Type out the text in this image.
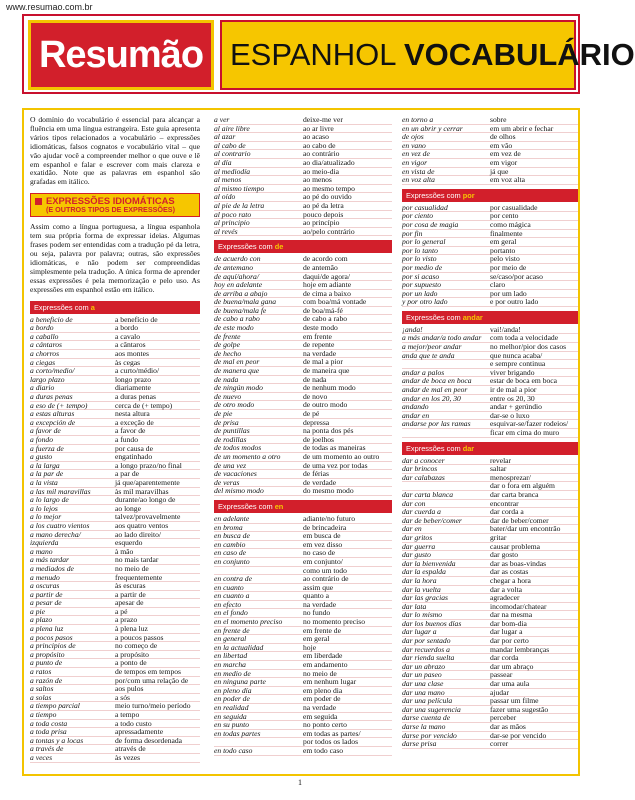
www.resumao.com.br
Resumão ESPANHOL VOCABULÁRIO

O domínio do vocabulário é essencial para alcançar a fluência em uma língua estrangeira. Este guia apresenta vários tipos relacionados a vocabulário – expressões idiomáticas, falsos cognatos e vocabulário vital – que vão ajudar você a compreender melhor o que ouve e lê em espanhol e falar e escrever com mais clareza e exatidão. Note que as palavras em espanhol são grafadas em itálico.

EXPRESSÕES IDIOMÁTICAS
(E OUTROS TIPOS DE EXPRESSÕES)

Assim como a língua portuguesa, a língua espanhola tem sua própria forma de expressar ideias. Algumas frases podem ser entendidas com a tradução pé da letra, ou seja, palavra por palavra; outras, são expressões idiomáticas, e não podem ser compreendidas simplesmente pela tradução. A única forma de aprender essas expressões é pela memorização e pelo uso. As expressões em espanhol estão em itálico.

Expressões com a
a beneficio de	a benefício de
a bordo	a bordo
a caballo	a cavalo
a cántaros	a cântaros
a chorros	aos montes
a ciegas	às cegas
a corto/medio/	a curto/médio/
largo plazo	longo prazo
a diario	diariamente
a duras penas	a duras penas
a eso de (+ tempo)	cerca de (+ tempo)
a estas alturas	nesta altura
a excepción de	a exceção de
a favor de	a favor de
a fondo	a fundo
a fuerza de	por causa de
a gusto	engatinhado
a la larga	a longo prazo/no final
a la par de	a par de
a la vista	já que/aparentemente
a las mil maravillas	às mil maravilhas
a lo largo de	durante/ao longo de
a lo lejos	ao longe
a lo mejor	talvez/provavelmente
a los cuatro vientos	aos quatro ventos
a mano derecha/	ao lado direito/
izquierda	esquerdo
a mano	à mão
a más tardar	no mais tardar
a mediados de	no meio de
a menudo	frequentemente
a oscuras	às escuras
a partir de	a partir de
a pesar de	apesar de
a pie	a pé
a plazo	a prazo
a plena luz	à plena luz
a pocos pasos	a poucos passos
a principios de	no começo de
a propósito	a propósito
a punto de	a ponto de
a ratos	de tempos em tempos
a razón de	por/com uma relação de
a saltos	aos pulos
a solas	a sós
a tiempo parcial	meio turno/meio período
a tiempo	a tempo
a toda costa	a todo custo
a toda prisa	apressadamente
a tontas y a locas	de forma desordenada
a través de	através de
a veces	às vezes
a ver	deixe-me ver
al aire libre	ao ar livre
al azar	ao acaso
al cabo de	ao cabo de
al contrario	ao contrário
al día	ao dia/atualizado
al mediodía	ao meio-dia
al menos	ao menos
al mismo tiempo	ao mesmo tempo
al oído	ao pé do ouvido
al pie de la letra	ao pé da letra
al poco rato	pouco depois
al principio	ao princípio
al revés	ao/pelo contrário
Expressões com de
de acuerdo con	de acordo com
de antemano	de antemão
de aquí/ahora/	daqui/de agora/
hoy en adelante	hoje em adiante
de arriba a abajo	de cima a baixo
de buena/mala gana	com boa/má vontade
de buena/mala fe	de boa/má-fé
de cabo a rabo	de cabo a rabo
de este modo	deste modo
de frente	em frente
de golpe	de repente
de hecho	na verdade
de mal en peor	de mal a pior
de manera que	de maneira que
de nada	de nada
de ningún modo	de nenhum modo
de nuevo	de novo
de otro modo	de outro modo
de pie	de pé
de prisa	depressa
de puntillas	na ponta dos pés
de rodillas	de joelhos
de todos modos	de todas as maneiras
de un momento a otro	de um momento ao outro
de una vez	de uma vez por todas
de vacaciones	de férias
de veras	de verdade
del mismo modo	do mesmo modo
Expressões com en
en adelante	adiante/no futuro
en broma	de brincadeira
en busca de	em busca de
en cambio	em vez disso
en caso de	no caso de
en conjunto	em conjunto/
como um todo
en contra de	ao contrário de
en cuanto	assim que
en cuanto a	quanto a
en efecto	na verdade
en el fondo	no fundo
en el momento preciso	no momento preciso
en frente de	em frente de
en general	em geral
en la actualidad	hoje
en libertad	em liberdade
en marcha	em andamento
en medio de	no meio de
en ninguna parte	em nenhum lugar
en pleno día	em pleno dia
en poder de	em poder de
en realidad	na verdade
en seguida	em seguida
en su punto	no ponto certo
en todas partes	em todas as partes/
por todos os lados
en todo caso	em todo caso
en torno a	sobre
en un abrir y cerrar	em um abrir e fechar
de ojos	de olhos
en vano	em vão
en vez de	em vez de
en vigor	em vigor
en vista de	já que
en voz alta	em voz alta
Expressões com por
por casualidad	por casualidade
por ciento	por cento
por cosa de magia	como mágica
por fin	finalmente
por lo general	em geral
por lo tanto	portanto
por lo visto	pelo visto
por medio de	por meio de
por si acaso	se/caso/por acaso
por supuesto	claro
por un lado	por um lado
y por otro lado	e por outro lado
Expressões com andar
¡anda!	vai!/anda!
a más andar/a todo andar	com toda a velocidade
a mejor/peor andar	no melhor/pior dos casos
anda que te anda	que nunca acaba/
e sempre continua
andar a palos	viver brigando
andar de boca en boca	estar de boca em boca
andar de mal en peor	ir de mal a pior
andar en los 20, 30	entre os 20, 30
andando	andar + gerúndio
andar en	dar-se o luxo
andarse por las ramas	esquivar-se/fazer rodeios/
ficar em cima do muro
Expressões com dar
dar a conocer	revelar
dar brincos	saltar
dar calabazas	menosprezar/
dar o fora em alguém
dar carta blanca	dar carta branca
dar con	encontrar
dar cuerda a	dar corda a
dar de beber/comer	dar de beber/comer
dar en	bater/dar um encontrão
dar gritos	gritar
dar guerra	causar problema
dar gusto	dar gosto
dar la bienvenida	dar as boas-vindas
dar la espalda	dar as costas
dar la hora	chegar a hora
dar la vuelta	dar a volta
dar las gracias	agradecer
dar lata	incomodar/chatear
dar lo mismo	dar na mesma
dar los buenos días	dar bom-dia
dar lugar a	dar lugar a
dar por sentado	dar por certo
dar recuerdos a	mandar lembranças
dar rienda suelta	dar corda
dar un abrazo	dar um abraço
dar un paseo	passear
dar una clase	dar uma aula
dar una mano	ajudar
dar una película	passar um filme
dar una sugerencia	fazer uma sugestão
darse cuenta de	perceber
darse la mano	dar as mãos
darse por vencido	dar-se por vencido
darse prisa	correr
1
